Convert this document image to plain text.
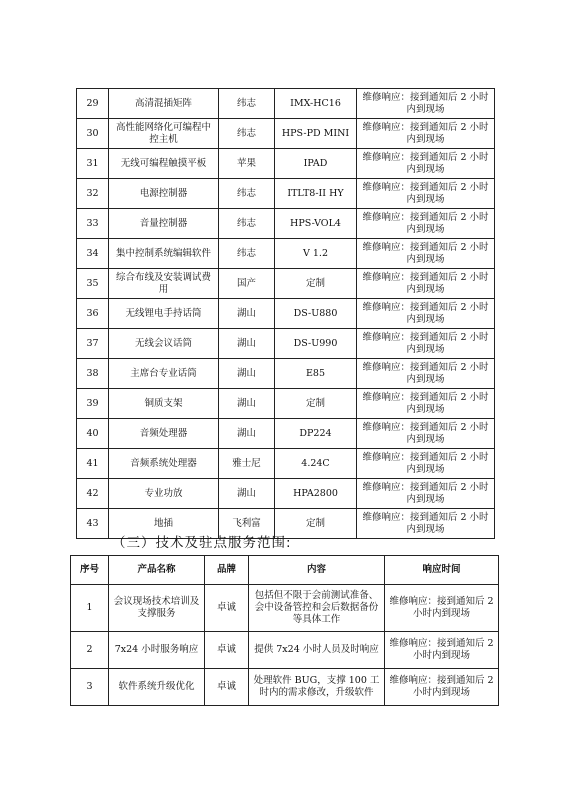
29	高清混插矩阵	纬志	IMX-HC16	维修响应：接到通知后 2 小时内到现场
30	高性能网络化可编程中控主机	纬志	HPS-PD MINI	维修响应：接到通知后 2 小时内到现场
31	无线可编程触摸平板	苹果	IPAD	维修响应：接到通知后 2 小时内到现场
32	电源控制器	纬志	ITLT8-II HY	维修响应：接到通知后 2 小时内到现场
33	音量控制器	纬志	HPS-VOL4	维修响应：接到通知后 2 小时内到现场
34	集中控制系统编辑软件	纬志	V 1.2	维修响应：接到通知后 2 小时内到现场
35	综合布线及安装调试费用	国产	定制	维修响应：接到通知后 2 小时内到现场
36	无线锂电手持话筒	湖山	DS-U880	维修响应：接到通知后 2 小时内到现场
37	无线会议话筒	湖山	DS-U990	维修响应：接到通知后 2 小时内到现场
38	主席台专业话筒	湖山	E85	维修响应：接到通知后 2 小时内到现场
39	铜质支架	湖山	定制	维修响应：接到通知后 2 小时内到现场
40	音频处理器	湖山	DP224	维修响应：接到通知后 2 小时内到现场
41	音频系统处理器	雅士尼	4.24C	维修响应：接到通知后 2 小时内到现场
42	专业功放	湖山	HPA2800	维修响应：接到通知后 2 小时内到现场
43	地插	飞利富	定制	维修响应：接到通知后 2 小时内到现场
（三）技术及驻点服务范围:
序号	产品名称	品牌	内容	响应时间
1	会议现场技术培训及支撑服务	卓诚	包括但不限于会前测试准备、会中设备管控和会后数据备份等具体工作	维修响应：接到通知后 2 小时内到现场
2	7x24 小时服务响应	卓诚	提供 7x24 小时人员及时响应	维修响应：接到通知后 2 小时内到现场
3	软件系统升级优化	卓诚	处理软件 BUG，支撑 100 工时内的需求修改，升级软件	维修响应：接到通知后 2 小时内到现场
